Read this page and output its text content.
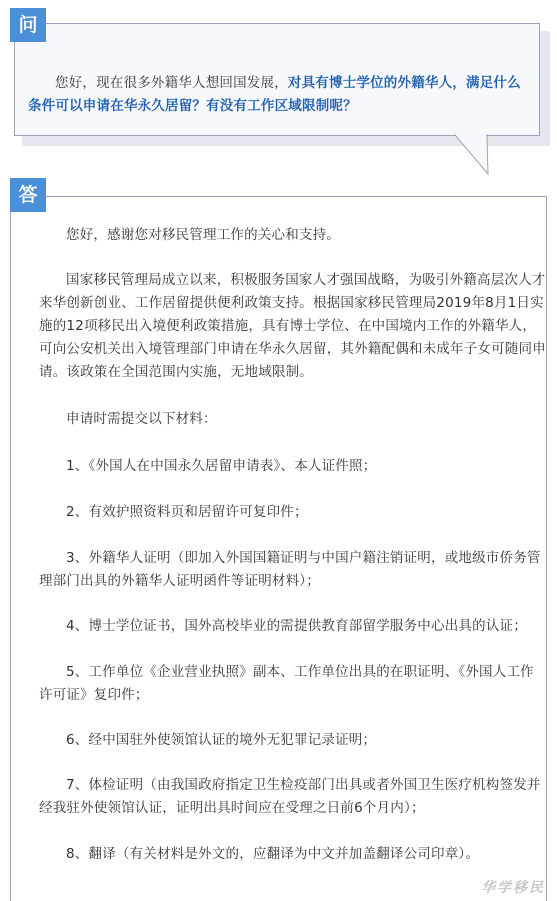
问

您好，现在很多外籍华人想回国发展，对具有博士学位的外籍华人，满足什么条件可以申请在华永久居留？有没有工作区域限制呢？

您好，感谢您对移民管理工作的关心和支持。

国家移民管理局成立以来，积极服务国家人才强国战略，为吸引外籍高层次人才来华创新创业、工作居留提供便利政策支持。根据国家移民管理局2019年8月1日实施的12项移民出入境便利政策措施，具有博士学位、在中国境内工作的外籍华人，可向公安机关出入境管理部门申请在华永久居留，其外籍配偶和未成年子女可随同申请。该政策在全国范围内实施，无地域限制。

申请时需提交以下材料：

1、《外国人在中国永久居留申请表》、本人证件照；

2、有效护照资料页和居留许可复印件；

3、外籍华人证明（即加入外国国籍证明与中国户籍注销证明，或地级市侨务管理部门出具的外籍华人证明函件等证明材料）；

4、博士学位证书，国外高校毕业的需提供教育部留学服务中心出具的认证；

5、工作单位《企业营业执照》副本、工作单位出具的在职证明、《外国人工作许可证》复印件；

6、经中国驻外使领馆认证的境外无犯罪记录证明；

7、体检证明（由我国政府指定卫生检疫部门出具或者外国卫生医疗机构签发并经我驻外使领馆认证，证明出具时间应在受理之日前6个月内）；

8、翻译（有关材料是外文的，应翻译为中文并加盖翻译公司印章）。

答
华学移民
